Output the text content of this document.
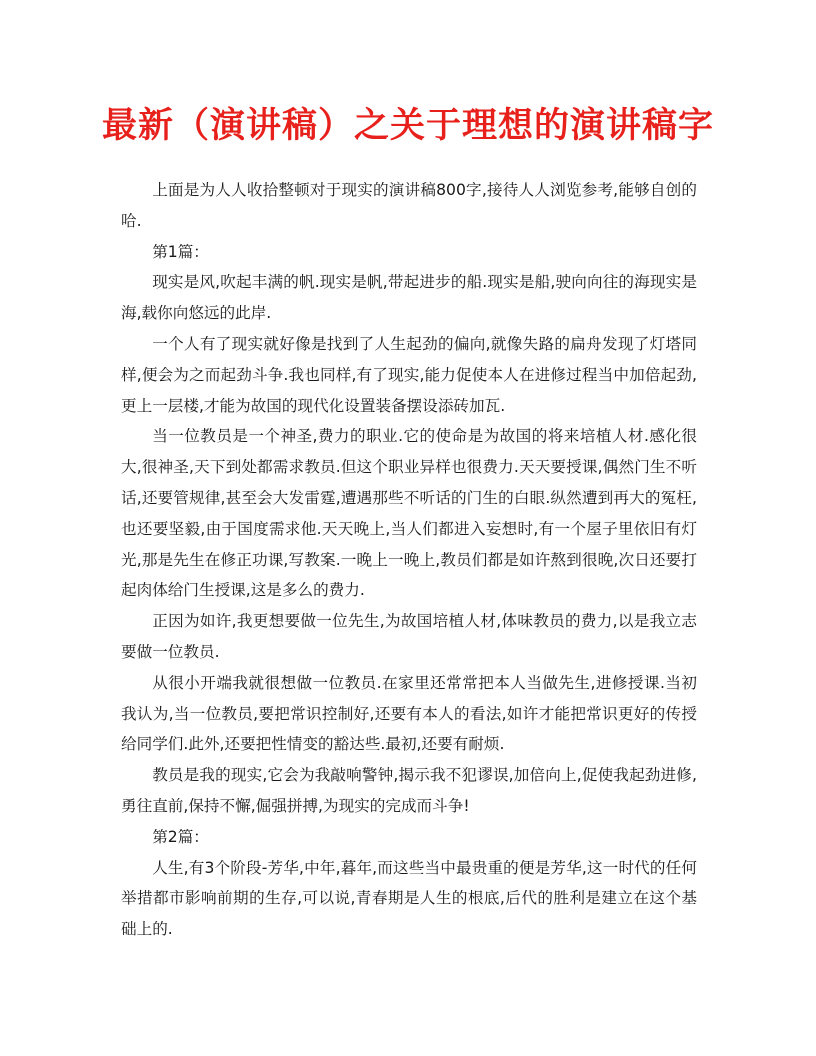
最新（演讲稿）之关于理想的演讲稿字

上面是为人人收拾整顿对于现实的演讲稿800字,接待人人浏览参考,能够自创的哈.

第1篇：

现实是风,吹起丰满的帆.现实是帆,带起进步的船.现实是船,驶向向往的海现实是海,载你向悠远的此岸.

一个人有了现实就好像是找到了人生起劲的偏向,就像失路的扁舟发现了灯塔同样,便会为之而起劲斗争.我也同样,有了现实,能力促使本人在进修过程当中加倍起劲,更上一层楼,才能为故国的现代化设置装备摆设添砖加瓦.

当一位教员是一个神圣,费力的职业.它的使命是为故国的将来培植人材.感化很大,很神圣,天下到处都需求教员.但这个职业异样也很费力.天天要授课,偶然门生不听话,还要管规律,甚至会大发雷霆,遭遇那些不听话的门生的白眼.纵然遭到再大的冤枉,也还要坚毅,由于国度需求他.天天晚上,当人们都进入妄想时,有一个屋子里依旧有灯光,那是先生在修正功课,写教案.一晚上一晚上,教员们都是如许熬到很晚,次日还要打起肉体给门生授课,这是多么的费力.

正因为如许,我更想要做一位先生,为故国培植人材,体味教员的费力,以是我立志要做一位教员.

从很小开端我就很想做一位教员.在家里还常常把本人当做先生,进修授课.当初我认为,当一位教员,要把常识控制好,还要有本人的看法,如许才能把常识更好的传授给同学们.此外,还要把性情变的豁达些.最初,还要有耐烦.

教员是我的现实,它会为我敲响警钟,揭示我不犯谬误,加倍向上,促使我起劲进修,勇往直前,保持不懈,倔强拼搏,为现实的完成而斗争!

第2篇：

人生,有3个阶段-芳华,中年,暮年,而这些当中最贵重的便是芳华,这一时代的任何举措都市影响前期的生存,可以说,青春期是人生的根底,后代的胜利是建立在这个基础上的.
